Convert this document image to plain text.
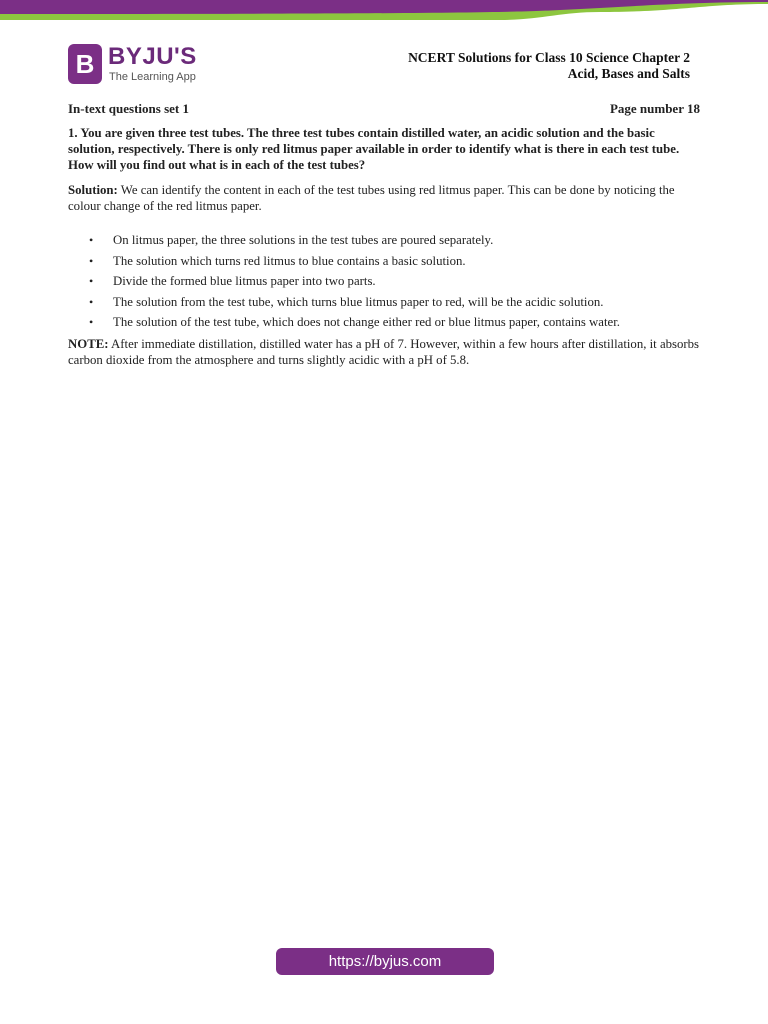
B BYJU'S
The Learning App
NCERT Solutions for Class 10 Science Chapter 2
Acid, Bases and Salts
In-text questions set 1	Page number 18
1. You are given three test tubes. The three test tubes contain distilled water, an acidic solution and the basic solution, respectively. There is only red litmus paper available in order to identify what is there in each test tube. How will you find out what is in each of the test tubes?
Solution: We can identify the content in each of the test tubes using red litmus paper. This can be done by noticing the colour change of the red litmus paper.
• On litmus paper, the three solutions in the test tubes are poured separately.
• The solution which turns red litmus to blue contains a basic solution.
• Divide the formed blue litmus paper into two parts.
• The solution from the test tube, which turns blue litmus paper to red, will be the acidic solution.
• The solution of the test tube, which does not change either red or blue litmus paper, contains water.
NOTE: After immediate distillation, distilled water has a pH of 7. However, within a few hours after distillation, it absorbs carbon dioxide from the atmosphere and turns slightly acidic with a pH of 5.8.
https://byjus.com
